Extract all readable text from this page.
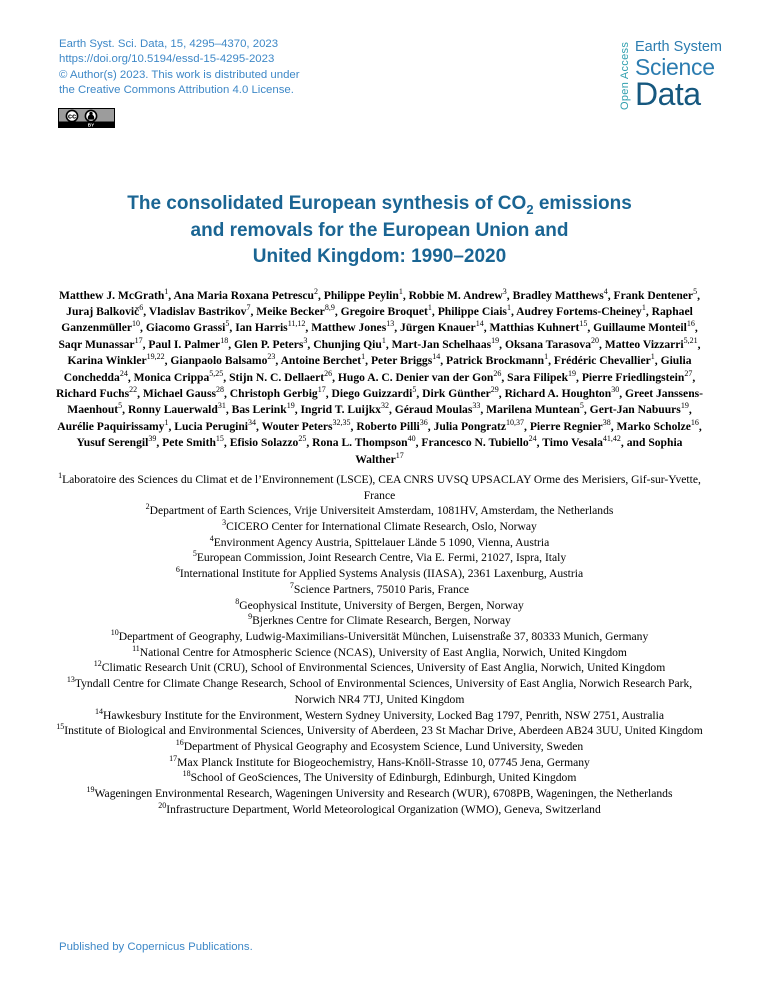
Earth Syst. Sci. Data, 15, 4295–4370, 2023
https://doi.org/10.5194/essd-15-4295-2023
© Author(s) 2023. This work is distributed under
the Creative Commons Attribution 4.0 License.
cc
BY
Open Access Earth System
Science
Data
The consolidated European synthesis of $CO_2$ emissions
and removals for the European Union and
United Kingdom: 1990–2020
Matthew J. McGrath$^1$, Ana Maria Roxana Petrescu$^2$, Philippe Peylin$^1$, Robbie M. Andrew$^3$, Bradley Matthews$^4$, Frank Dentener$^5$, Juraj Balkovič$^6$, Vladislav Bastrikov$^7$, Meike Becker$^{8,9}$, Gregoire Broquet$^1$, Philippe Ciais$^1$, Audrey Fortems-Cheiney$^1$, Raphael Ganzenmüller$^{10}$, Giacomo Grassi$^5$, Ian Harris$^{11,12}$, Matthew Jones$^{13}$, Jürgen Knauer$^{14}$, Matthias Kuhnert$^{15}$, Guillaume Monteil$^{16}$, Saqr Munassar$^{17}$, Paul I. Palmer$^{18}$, Glen P. Peters$^3$, Chunjing Qiu$^1$, Mart-Jan Schelhaas$^{19}$, Oksana Tarasova$^{20}$, Matteo Vizzarri$^{5,21}$, Karina Winkler$^{19,22}$, Gianpaolo Balsamo$^{23}$, Antoine Berchet$^1$, Peter Briggs$^{14}$, Patrick Brockmann$^1$, Frédéric Chevallier$^1$, Giulia Conchedda$^{24}$, Monica Crippa$^{5,25}$, Stijn N. C. Dellaert$^{26}$, Hugo A. C. Denier van der Gon$^{26}$, Sara Filipek$^{19}$, Pierre Friedlingstein$^{27}$, Richard Fuchs$^{22}$, Michael Gauss$^{28}$, Christoph Gerbig$^{17}$, Diego Guizzardi$^5$, Dirk Günther$^{29}$, Richard A. Houghton$^{30}$, Greet Janssens-Maenhout$^5$, Ronny Lauerwald$^{31}$, Bas Lerink$^{19}$, Ingrid T. Luijkx$^{32}$, Géraud Moulas$^{33}$, Marilena Muntean$^5$, Gert-Jan Nabuurs$^{19}$, Aurélie Paquirissamy$^1$, Lucia Perugini$^{34}$, Wouter Peters$^{32,35}$, Roberto Pilli$^{36}$, Julia Pongratz$^{10,37}$, Pierre Regnier$^{38}$, Marko Scholze$^{16}$, Yusuf Serengil$^{39}$, Pete Smith$^{15}$, Efisio Solazzo$^{25}$, Rona L. Thompson$^{40}$, Francesco N. Tubiello$^{24}$, Timo Vesala$^{41,42}$, and Sophia Walther$^{17}$
$^1$Laboratoire des Sciences du Climat et de l’Environnement (LSCE), CEA CNRS UVSQ UPSACLAY Orme des Merisiers, Gif-sur-Yvette, France
$^2$Department of Earth Sciences, Vrije Universiteit Amsterdam, 1081HV, Amsterdam, the Netherlands
$^3$CICERO Center for International Climate Research, Oslo, Norway
$^4$Environment Agency Austria, Spittelauer Lände 5 1090, Vienna, Austria
$^5$European Commission, Joint Research Centre, Via E. Fermi, 21027, Ispra, Italy
$^6$International Institute for Applied Systems Analysis (IIASA), 2361 Laxenburg, Austria
$^7$Science Partners, 75010 Paris, France
$^8$Geophysical Institute, University of Bergen, Bergen, Norway
$^9$Bjerknes Centre for Climate Research, Bergen, Norway
$^{10}$Department of Geography, Ludwig-Maximilians-Universität München, Luisenstraße 37, 80333 Munich, Germany
$^{11}$National Centre for Atmospheric Science (NCAS), University of East Anglia, Norwich, United Kingdom
$^{12}$Climatic Research Unit (CRU), School of Environmental Sciences, University of East Anglia, Norwich, United Kingdom
$^{13}$Tyndall Centre for Climate Change Research, School of Environmental Sciences, University of East Anglia, Norwich Research Park, Norwich NR4 7TJ, United Kingdom
$^{14}$Hawkesbury Institute for the Environment, Western Sydney University, Locked Bag 1797, Penrith, NSW 2751, Australia
$^{15}$Institute of Biological and Environmental Sciences, University of Aberdeen, 23 St Machar Drive, Aberdeen AB24 3UU, United Kingdom
$^{16}$Department of Physical Geography and Ecosystem Science, Lund University, Sweden
$^{17}$Max Planck Institute for Biogeochemistry, Hans-Knöll-Strasse 10, 07745 Jena, Germany
$^{18}$School of GeoSciences, The University of Edinburgh, Edinburgh, United Kingdom
$^{19}$Wageningen Environmental Research, Wageningen University and Research (WUR), 6708PB, Wageningen, the Netherlands
$^{20}$Infrastructure Department, World Meteorological Organization (WMO), Geneva, Switzerland
Published by Copernicus Publications.
